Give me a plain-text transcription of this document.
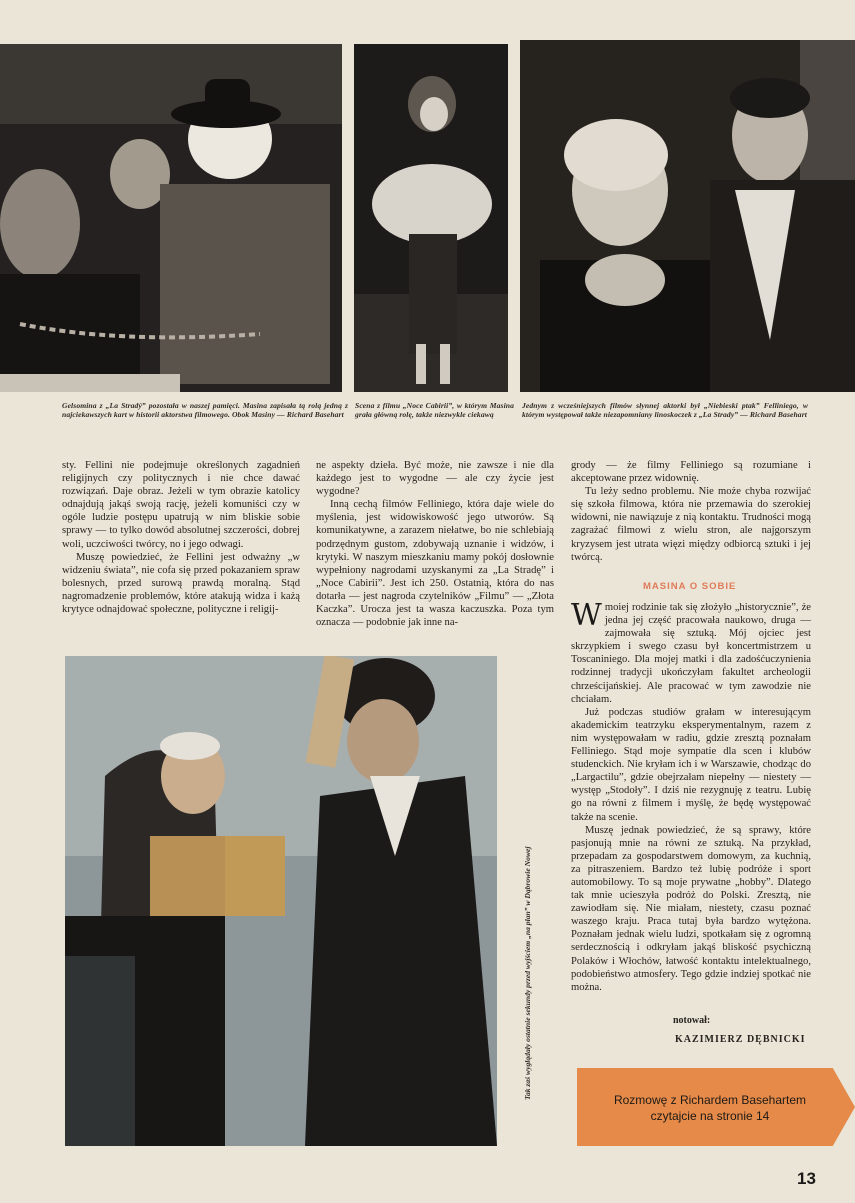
Gelsomina z „La Stradý” pozostała w naszej pamięci. Masina zapisała tą rolą jedną z najciekawszych kart w historii aktorstwa filmowego. Obok Masiny — Richard Basehart
Scena z filmu „Noce Cabirii”, w którym Masina grała główną rolę, także niezwykle ciekawą
Jednym z wcześniejszych filmów słynnej aktorki był „Niebieski ptak” Felliniego, w którym występował także niezapomniany linoskoczek z „La Strady” — Richard Basehart
Tak zaś wyglądały ostatnie sekundy przed wyjściem „na plan” w Dąbrowie Nowej

sty. Fellini nie podejmuje określonych zagadnień religijnych czy politycznych i nie chce dawać rozwiązań. Daje obraz. Jeżeli w tym obrazie katolicy odnajdują jakąś swoją rację, jeżeli komuniści czy w ogóle ludzie postępu upatrują w nim bliskie sobie sprawy — to tylko dowód absolutnej szczerości, dobrej woli, uczciwości twórcy, no i jego odwagi.

Muszę powiedzieć, że Fellini jest odważny „w widzeniu świata”, nie cofa się przed pokazaniem spraw bolesnych, przed surową prawdą moralną. Stąd nagromadzenie problemów, które atakują widza i każą krytyce odnajdować społeczne, polityczne i religij-

ne aspekty dzieła. Być może, nie zawsze i nie dla każdego jest to wygodne — ale czy życie jest wygodne?

Inną cechą filmów Felliniego, która daje wiele do myślenia, jest widowiskowość jego utworów. Są komunikatywne, a zarazem niełatwe, bo nie schlebiają podrzędnym gustom, zdobywają uznanie i widzów, i krytyki. W naszym mieszkaniu mamy pokój dosłownie wypełniony nagrodami uzyskanymi za „La Stradę” i „Noce Cabirii”. Jest ich 250. Ostatnią, która do nas dotarła — jest nagroda czytelników „Filmu” — „Złota Kaczka”. Urocza jest ta wasza kaczuszka. Poza tym oznacza — podobnie jak inne na-

grody — że filmy Felliniego są rozumiane i akceptowane przez widownię.

Tu leży sedno problemu. Nie może chyba rozwijać się szkoła filmowa, która nie przemawia do szerokiej widowni, nie nawiązuje z nią kontaktu. Trudności mogą zagrażać filmowi z wielu stron, ale najgorszym kryzysem jest utrata więzi między odbiorcą sztuki i jej twórcą.

MASINA O SOBIE

Wmoiej rodzinie tak się złożyło „historycznie”, że jedna jej część pracowała naukowo, druga — zajmowała się sztuką. Mój ojciec jest skrzypkiem i swego czasu był koncertmistrzem u Toscaniniego. Dla mojej matki i dla zadośćuczynienia rodzinnej tradycji ukończyłam fakultet archeologii chrześcijańskiej. Ale pracować w tym zawodzie nie chciałam.

Już podczas studiów grałam w interesującym akademickim teatrzyku eksperymentalnym, razem z nim występowałam w radiu, gdzie zresztą poznałam Felliniego. Stąd moje sympatie dla scen i klubów studenckich. Nie kryłam ich i w Warszawie, chodząc do „Largactilu”, gdzie obejrzałam niepełny — niestety — występ „Stodoły”. I dziś nie rezygnuję z teatru. Lubię go na równi z filmem i myślę, że będę występować także na scenie.

Muszę jednak powiedzieć, że są sprawy, które pasjonują mnie na równi ze sztuką. Na przykład, przepadam za gospodarstwem domowym, za kuchnią, za pitraszeniem. Bardzo też lubię podróże i sport automobilowy. To są moje prywatne „hobby”. Dlatego tak mnie ucieszyła podróż do Polski. Zresztą, nie zawiodłam się. Nie miałam, niestety, czasu poznać waszego kraju. Praca tutaj była bardzo wytężona. Poznałam jednak wielu ludzi, spotkałam się z ogromną serdecznością i odkryłam jakąś bliskość psychiczną Polaków i Włochów, łatwość kontaktu intelektualnego, podobieństwo atmosfery. Tego gdzie indziej spotkać nie można.

notował:
KAZIMIERZ DĘBNICKI
Rozmowę z Richardem Basehartem
czytajcie na stronie 14
13
